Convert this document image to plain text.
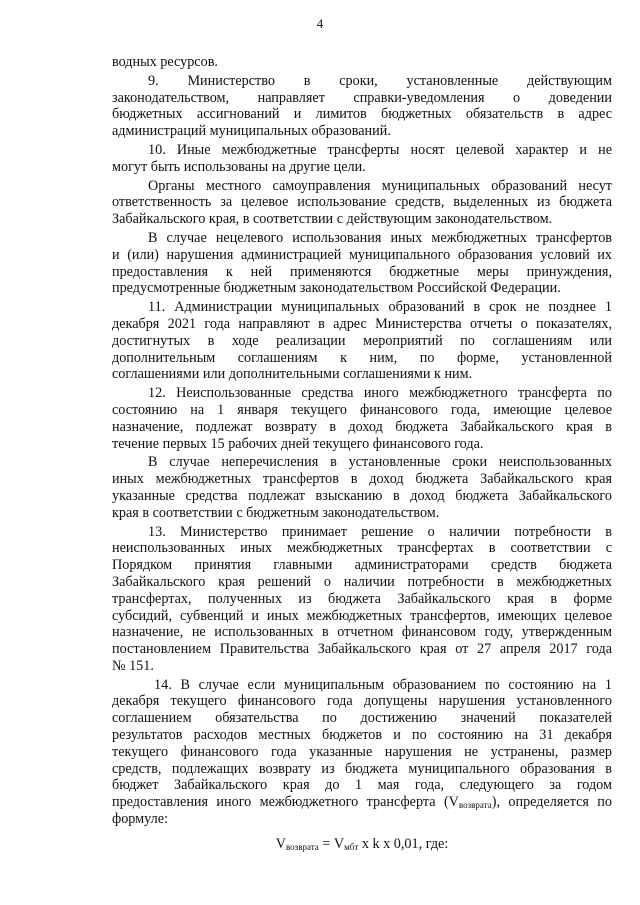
4
водных ресурсов.
9. Министерство в сроки, установленные действующим
законодательством, направляет справки-уведомления о доведении
бюджетных ассигнований и лимитов бюджетных обязательств в адрес
администраций муниципальных образований.
10. Иные межбюджетные трансферты носят целевой характер и не
могут быть использованы на другие цели.
Органы местного самоуправления муниципальных образований несут
ответственность за целевое использование средств, выделенных из бюджета
Забайкальского края, в соответствии с действующим законодательством.
В случае нецелевого использования иных межбюджетных трансфертов
и (или) нарушения администрацией муниципального образования условий их
предоставления к ней применяются бюджетные меры принуждения,
предусмотренные бюджетным законодательством Российской Федерации.
11. Администрации муниципальных образований в срок не позднее 1
декабря 2021 года направляют в адрес Министерства отчеты о показателях,
достигнутых в ходе реализации мероприятий по соглашениям или
дополнительным соглашениям к ним, по форме, установленной
соглашениями или дополнительными соглашениями к ним.
12. Неиспользованные средства иного межбюджетного трансферта по
состоянию на 1 января текущего финансового года, имеющие целевое
назначение, подлежат возврату в доход бюджета Забайкальского края в
течение первых 15 рабочих дней текущего финансового года.
В случае неперечисления в установленные сроки неиспользованных
иных межбюджетных трансфертов в доход бюджета Забайкальского края
указанные средства подлежат взысканию в доход бюджета Забайкальского
края в соответствии с бюджетным законодательством.
13. Министерство принимает решение о наличии потребности в
неиспользованных иных межбюджетных трансфертах в соответствии с
Порядком принятия главными администраторами средств бюджета
Забайкальского края решений о наличии потребности в межбюджетных
трансфертах, полученных из бюджета Забайкальского края в форме
субсидий, субвенций и иных межбюджетных трансфертов, имеющих целевое
назначение, не использованных в отчетном финансовом году, утвержденным
постановлением Правительства Забайкальского края от 27 апреля 2017 года
№ 151.
14. В случае если муниципальным образованием по состоянию на 1
декабря текущего финансового года допущены нарушения установленного
соглашением обязательства по достижению значений показателей
результатов расходов местных бюджетов и по состоянию на 31 декабря
текущего финансового года указанные нарушения не устранены, размер
средств, подлежащих возврату из бюджета муниципального образования в
бюджет Забайкальского края до 1 мая года, следующего за годом
предоставления иного межбюджетного трансферта $(V_{возврата})$, определяется по
формуле:
$V_{возврата} = V_{мбт}$ x k x 0,01, где:
